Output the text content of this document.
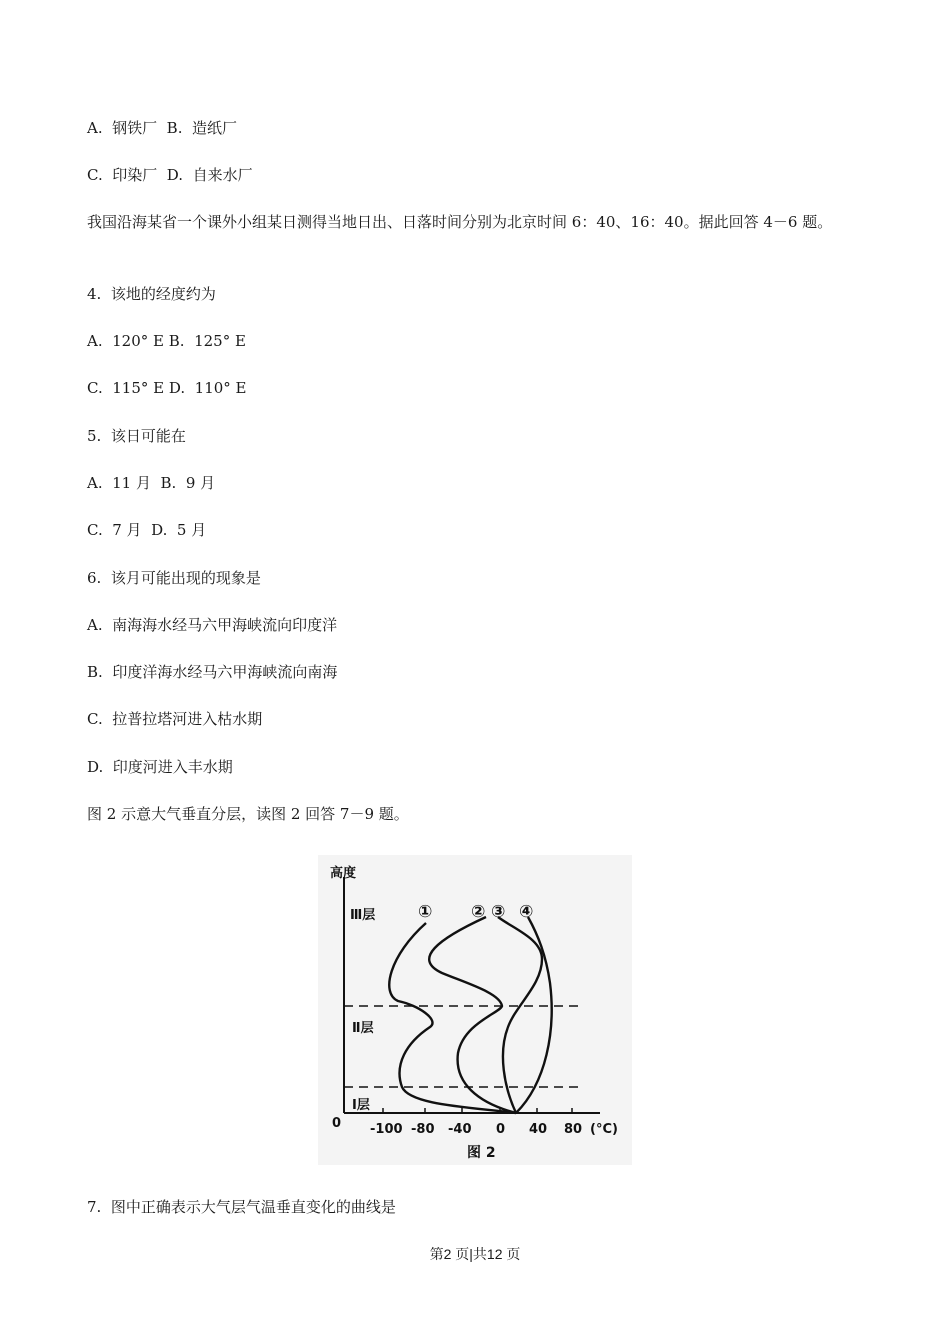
A.  钢铁厂  B.  造纸厂
C.  印染厂  D.  自来水厂
我国沿海某省一个课外小组某日测得当地日出、日落时间分别为北京时间 6：40、16：40。据此回答 4－6 题。
4.  该地的经度约为
A.  120° E B.  125° E
C.  115° E D.  110° E
5.  该日可能在
A.  11 月  B.  9 月
C.  7 月  D.  5 月
6.  该月可能出现的现象是
A.  南海海水经马六甲海峡流向印度洋
B.  印度洋海水经马六甲海峡流向南海
C.  拉普拉塔河进入枯水期
D.  印度河进入丰水期
图 2 示意大气垂直分层，读图 2 回答 7－9 题。
高度
Ⅲ层
Ⅱ层
Ⅰ层
① ② ③ ④
0 -100 -80 -40 0 40 80 (°C)
图 2
7.  图中正确表示大气层气温垂直变化的曲线是
第2 页|共12 页
